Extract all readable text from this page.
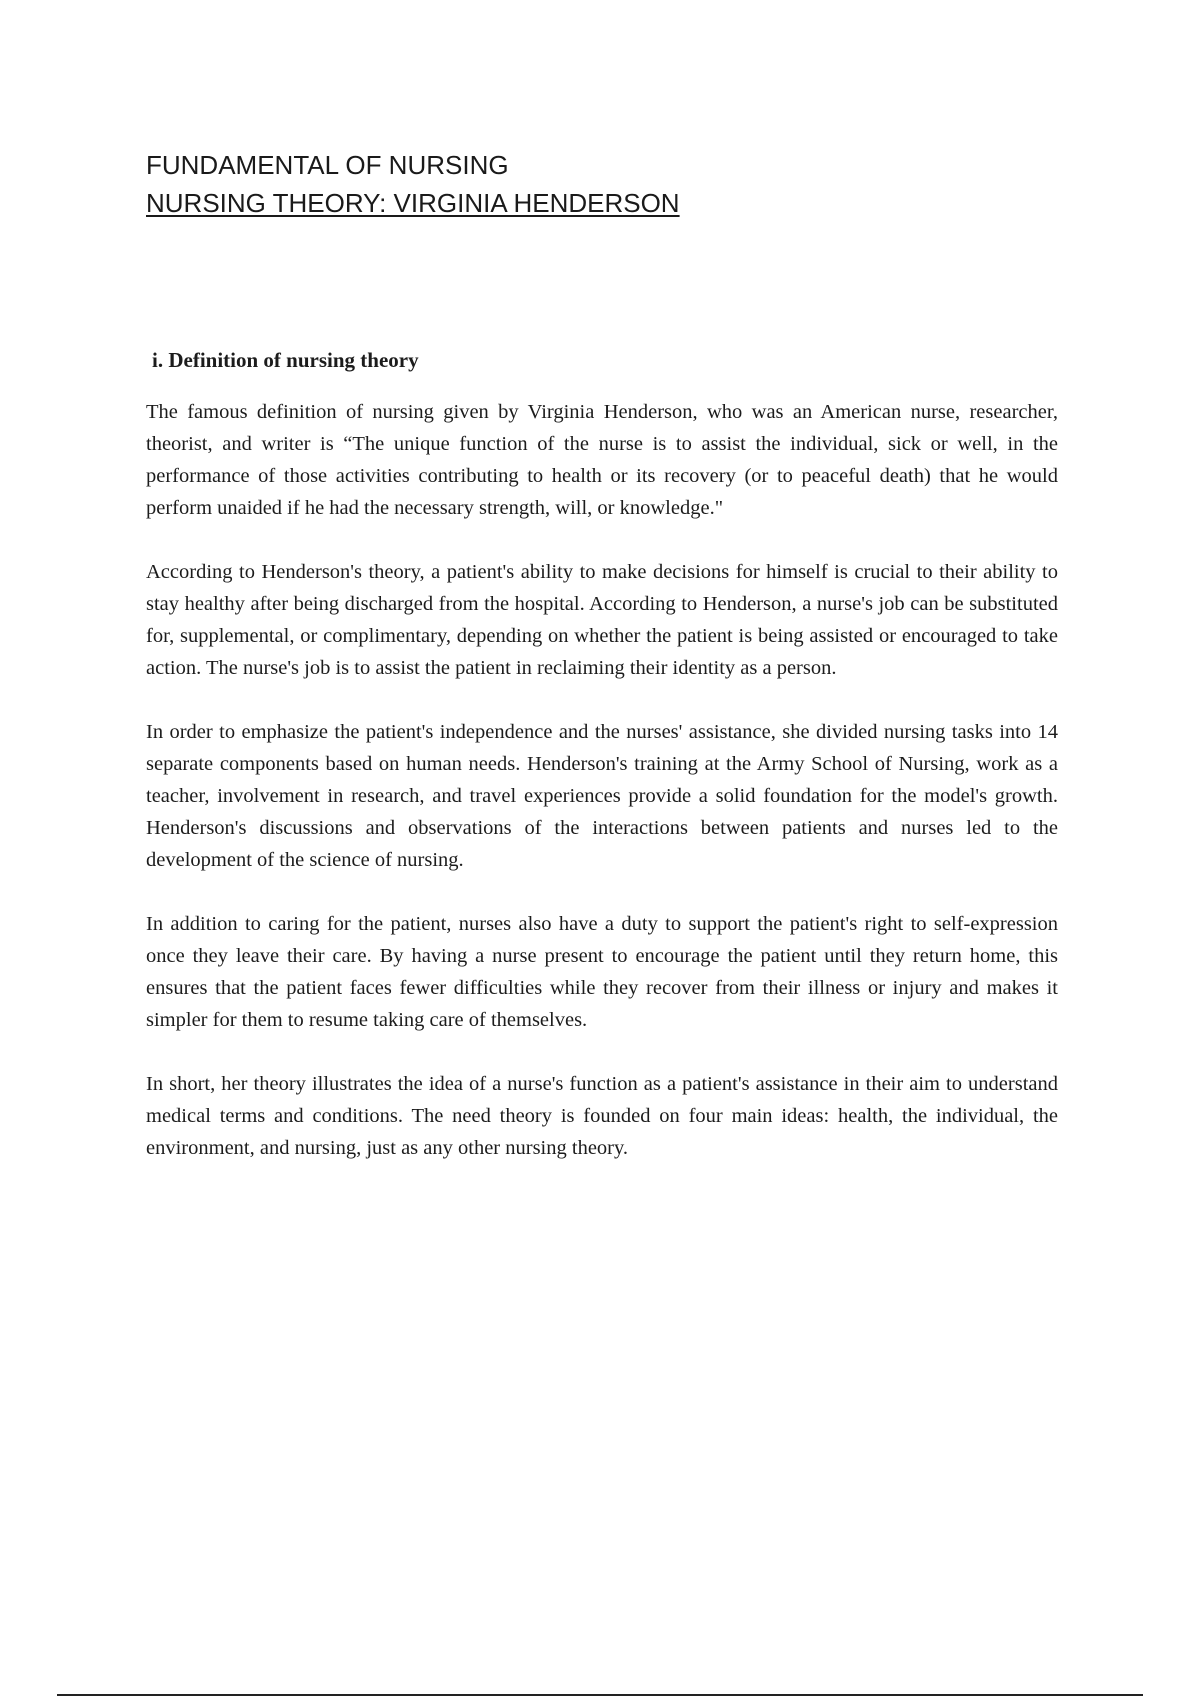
FUNDAMENTAL OF NURSING
NURSING THEORY: VIRGINIA HENDERSON
i. Definition of nursing theory

The famous definition of nursing given by Virginia Henderson, who was an American nurse, researcher, theorist, and writer is “The unique function of the nurse is to assist the individual, sick or well, in the performance of those activities contributing to health or its recovery (or to peaceful death) that he would perform unaided if he had the necessary strength, will, or knowledge."

According to Henderson's theory, a patient's ability to make decisions for himself is crucial to their ability to stay healthy after being discharged from the hospital. According to Henderson, a nurse's job can be substituted for, supplemental, or complimentary, depending on whether the patient is being assisted or encouraged to take action. The nurse's job is to assist the patient in reclaiming their identity as a person.

In order to emphasize the patient's independence and the nurses' assistance, she divided nursing tasks into 14 separate components based on human needs. Henderson's training at the Army School of Nursing, work as a teacher, involvement in research, and travel experiences provide a solid foundation for the model's growth. Henderson's discussions and observations of the interactions between patients and nurses led to the development of the science of nursing.

In addition to caring for the patient, nurses also have a duty to support the patient's right to self-expression once they leave their care. By having a nurse present to encourage the patient until they return home, this ensures that the patient faces fewer difficulties while they recover from their illness or injury and makes it simpler for them to resume taking care of themselves.

In short, her theory illustrates the idea of a nurse's function as a patient's assistance in their aim to understand medical terms and conditions. The need theory is founded on four main ideas: health, the individual, the environment, and nursing, just as any other nursing theory.
